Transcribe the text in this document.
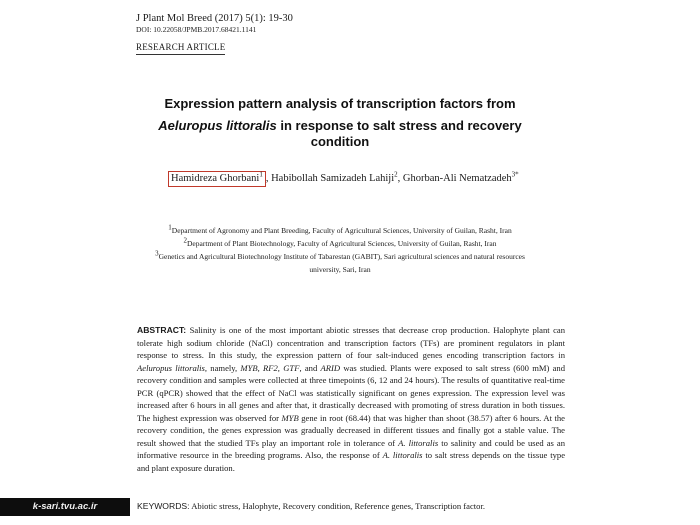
J Plant Mol Breed (2017) 5(1): 19-30
DOI: 10.22058/JPMB.2017.68421.1141
RESEARCH ARTICLE
Expression pattern analysis of transcription factors from
Aeluropus littoralis in response to salt stress and recovery condition
Hamidreza Ghorbani$^1$ , Habibollah Samizadeh Lahiji$^2$, Ghorban-Ali Nematzadeh$^{3*}$
$^1$Department of Agronomy and Plant Breeding, Faculty of Agricultural Sciences, University of Guilan, Rasht, Iran
$^2$Department of Plant Biotechnology, Faculty of Agricultural Sciences, University of Guilan, Rasht, Iran
$^3$Genetics and Agricultural Biotechnology Institute of Tabarestan (GABIT), Sari agricultural sciences and natural resources
university, Sari, Iran
ABSTRACT: Salinity is one of the most important abiotic stresses that decrease crop production. Halophyte plant can tolerate high sodium chloride (NaCl) concentration and transcription factors (TFs) are prominent regulators in plant response to stress. In this study, the expression pattern of four salt-induced genes encoding transcription factors in Aeluropus littoralis, namely, MYB, RF2, GTF, and ARID was studied. Plants were exposed to salt stress (600 mM) and recovery condition and samples were collected at three timepoints (6, 12 and 24 hours). The results of quantitative real-time PCR (qPCR) showed that the effect of NaCl was statistically significant on genes expression. The expression level was increased after 6 hours in all genes and after that, it drastically decreased with promoting of stress duration in both tissues. The highest expression was observed for MYB gene in root (68.44) that was higher than shoot (38.57) after 6 hours. At the recovery condition, the genes expression was gradually decreased in different tissues and finally got a stable value. The result showed that the studied TFs play an important role in tolerance of A. littoralis to salinity and could be used as an informative resource in the breeding programs. Also, the response of A. littoralis to salt stress depends on the tissue type and plant exposure duration.
KEYWORDS: Abiotic stress, Halophyte, Recovery condition, Reference genes, Transcription factor.
k-sari.tvu.ac.ir
